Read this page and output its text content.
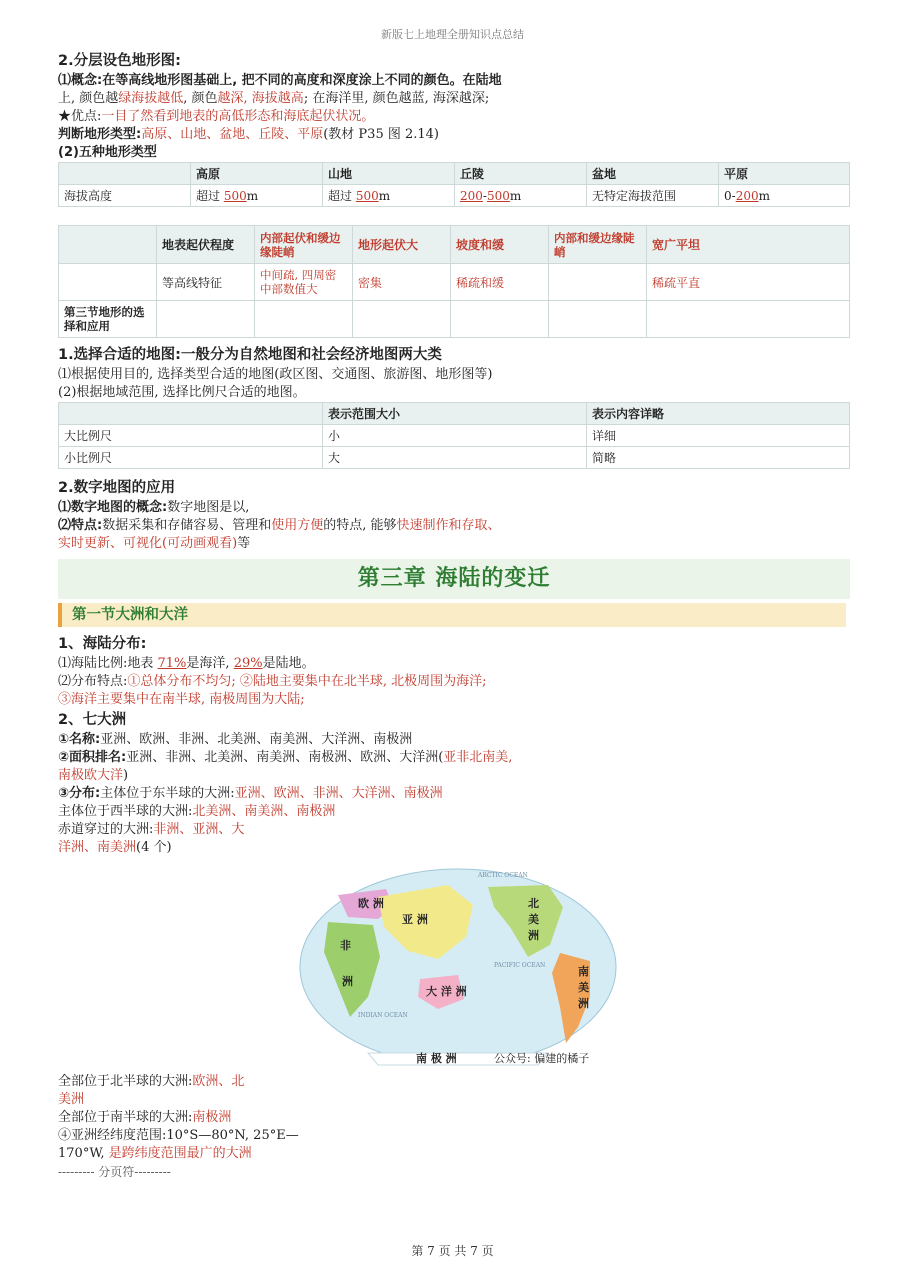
新版七上地理全册知识点总结
2.分层设色地形图:
⑴概念:在等高线地形图基础上, 把不同的高度和深度涂上不同的颜色。在陆地
上, 颜色越绿海拔越低, 颜色越深, 海拔越高; 在海洋里, 颜色越蓝, 海深越深;
★优点:一目了然看到地表的高低形态和海底起伏状况。
判断地形类型:高原、山地、盆地、丘陵、平原(教材 P35 图 2.14)
(2)五种地形类型
	高原	山地	丘陵	盆地	平原
海拔高度	超过 500m	超过 500m	200-500m	无特定海拔范围	0-200m
	地表起伏程度	内部起伏和缓边缘陡峭	地形起伏大	坡度和缓	内部和缓边缘陡峭	宽广平坦
	等高线特征	中间疏, 四周密中部数值大	密集	稀疏和缓		稀疏平直
第三节地形的选择和应用						
1.选择合适的地图:一般分为自然地图和社会经济地图两大类
⑴根据使用目的, 选择类型合适的地图(政区图、交通图、旅游图、地形图等)
(2)根据地域范围, 选择比例尺合适的地图。
	表示范围大小	表示内容详略
大比例尺	小	详细
小比例尺	大	简略
2.数字地图的应用
⑴数字地图的概念:数字地图是以,
⑵特点:数据采集和存储容易、管理和使用方便的特点, 能够快速制作和存取、
实时更新、可视化(可动画观看)等
第三章 海陆的变迁
第一节大洲和大洋
1、海陆分布:
⑴海陆比例:地表 71%是海洋, 29%是陆地。
⑵分布特点:①总体分布不均匀; ②陆地主要集中在北半球, 北极周围为海洋;
③海洋主要集中在南半球, 南极周围为大陆;
2、七大洲
①名称:亚洲、欧洲、非洲、北美洲、南美洲、大洋洲、南极洲
②面积排名:亚洲、非洲、北美洲、南美洲、南极洲、欧洲、大洋洲(亚非北南美,
南极欧大洋)
③分布:主体位于东半球的大洲:亚洲、欧洲、非洲、大洋洲、南极洲
主体位于西半球的大洲:北美洲、南美洲、南极洲
赤道穿过的大洲:非洲、亚洲、大
洋洲、南美洲(4 个)
欧 洲
亚 洲
非
洲
大 洋 洲
北
美
洲
南
美
洲
ARCTIC OCEAN
PACIFIC OCEAN
INDIAN OCEAN
南 极 洲	公众号: 偏建的橘子
全部位于北半球的大洲:欧洲、北
美洲
全部位于南半球的大洲:南极洲
④亚洲经纬度范围:10°S—80°N, 25°E—
170°W, 是跨纬度范围最广的大洲
--------- 分页符---------
第 7 页 共 7 页
